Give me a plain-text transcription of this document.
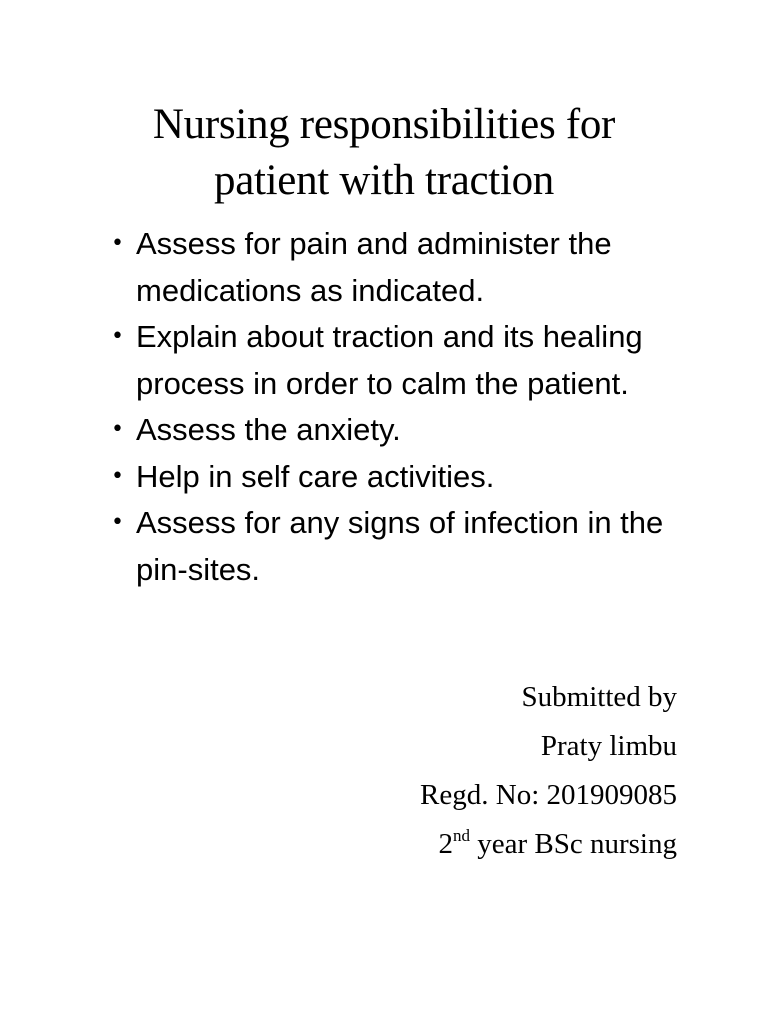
Nursing responsibilities for
patient with traction
• Assess for pain and administer the medications as indicated.
• Explain about traction and its healing process in order to calm the patient.
• Assess the anxiety.
• Help in self care activities.
• Assess for any signs of infection in the pin-sites.
Submitted by
Praty limbu
Regd. No: 201909085
2nd year BSc nursing
